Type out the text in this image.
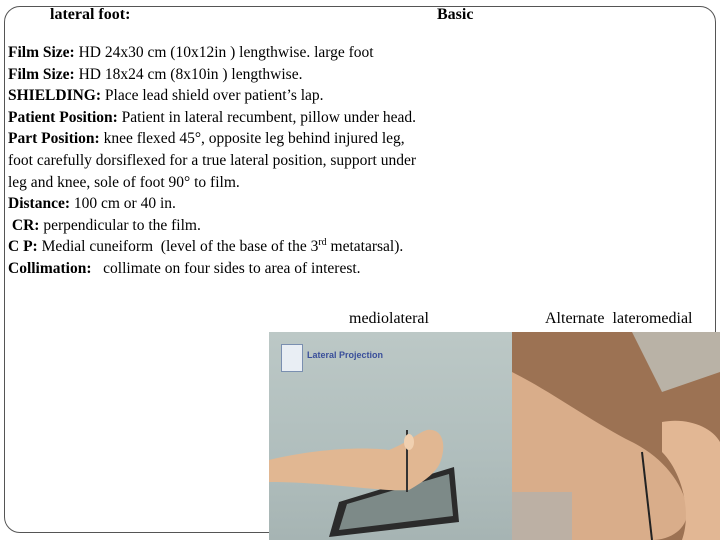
lateral foot:	Basic
Film Size: HD 24x30 cm (10x12in ) lengthwise. large foot
Film Size: HD 18x24 cm (8x10in ) lengthwise.
SHIELDING: Place lead shield over patient’s lap.
Patient Position: Patient in lateral recumbent, pillow under head.
Part Position: knee flexed 45°, opposite leg behind injured leg,
foot carefully dorsiflexed for a true lateral position, support under
leg and knee, sole of foot 90° to film.
Distance: 100 cm or 40 in.
CR: perpendicular to the film.
C P: Medial cuneiform  (level of the base of the 3rd metatarsal).
Collimation:   collimate on four sides to area of interest.
mediolateral	Alternate  lateromedial
Lateral Projection
